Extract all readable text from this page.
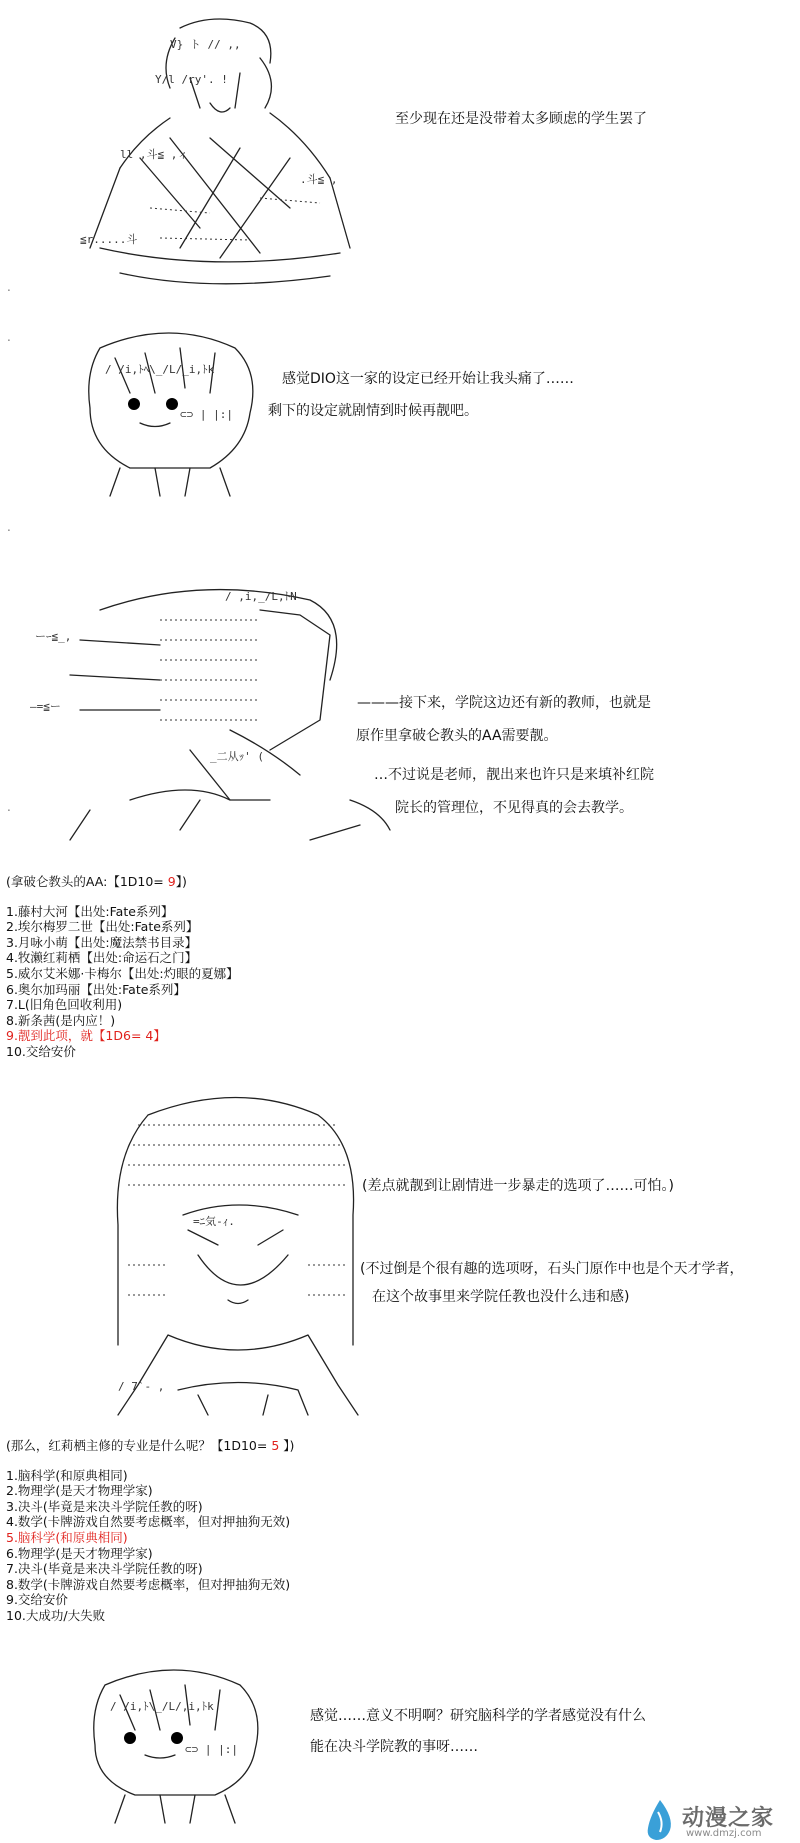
V} ト // ,,
Y/l /ry'. !
ll ,斗≦ ,ィ
.斗≦ ,
≦r.....斗
至少现在还是没带着太多顾虑的学生罢了
.
.
/ /i,ﾄﾍ\_/L/_i,ﾄk
⊂⊃ | |:|
感觉DIO这一家的设定已经开始让我头痛了……
剩下的设定就剧情到时候再靓吧。
.
.
ーｰ≦_,
—=≦ー
/ ,i,_/L,ﾄN
_二从ｯ' (
———接下来，学院这边还有新的教师，也就是
原作里拿破仑教头的AA需要靓。
…不过说是老师，靓出来也许只是来填补红院
院长的管理位，不见得真的会去教学。
(拿破仑教头的AA:【1D10= 9】)
1.藤村大河【出处:Fate系列】
2.埃尔梅罗二世【出处:Fate系列】
3.月咏小萌【出处:魔法禁书目录】
4.牧濑红莉栖【出处:命运石之门】
5.威尔艾米娜·卡梅尔【出处:灼眼的夏娜】
6.奥尔加玛丽【出处:Fate系列】
7.L(旧角色回收利用)
8.新条茜(是内应！)
9.靓到此项，就【1D6= 4】
10.交给安价
=ﾆ気-ｨ.
/ 7`- ,
(差点就靓到让剧情进一步暴走的选项了……可怕。)
(不过倒是个很有趣的选项呀，石头门原作中也是个天才学者，
在这个故事里来学院任教也没什么违和感)
(那么，红莉栖主修的专业是什么呢？【1D10= 5 】)
1.脑科学(和原典相同)
2.物理学(是天才物理学家)
3.决斗(毕竟是来决斗学院任教的呀)
4.数学(卡牌游戏自然要考虑概率，但对押抽狗无效)
5.脑科学(和原典相同)
6.物理学(是天才物理学家)
7.决斗(毕竟是来决斗学院任教的呀)
8.数学(卡牌游戏自然要考虑概率，但对押抽狗无效)
9.交给安价
10.大成功/大失败
/ /i,ﾄ\_/L/,i,ﾄk
⊂⊃ | |:|
感觉……意义不明啊？研究脑科学的学者感觉没有什么
能在决斗学院教的事呀……
动漫之家
www.dmzj.com
